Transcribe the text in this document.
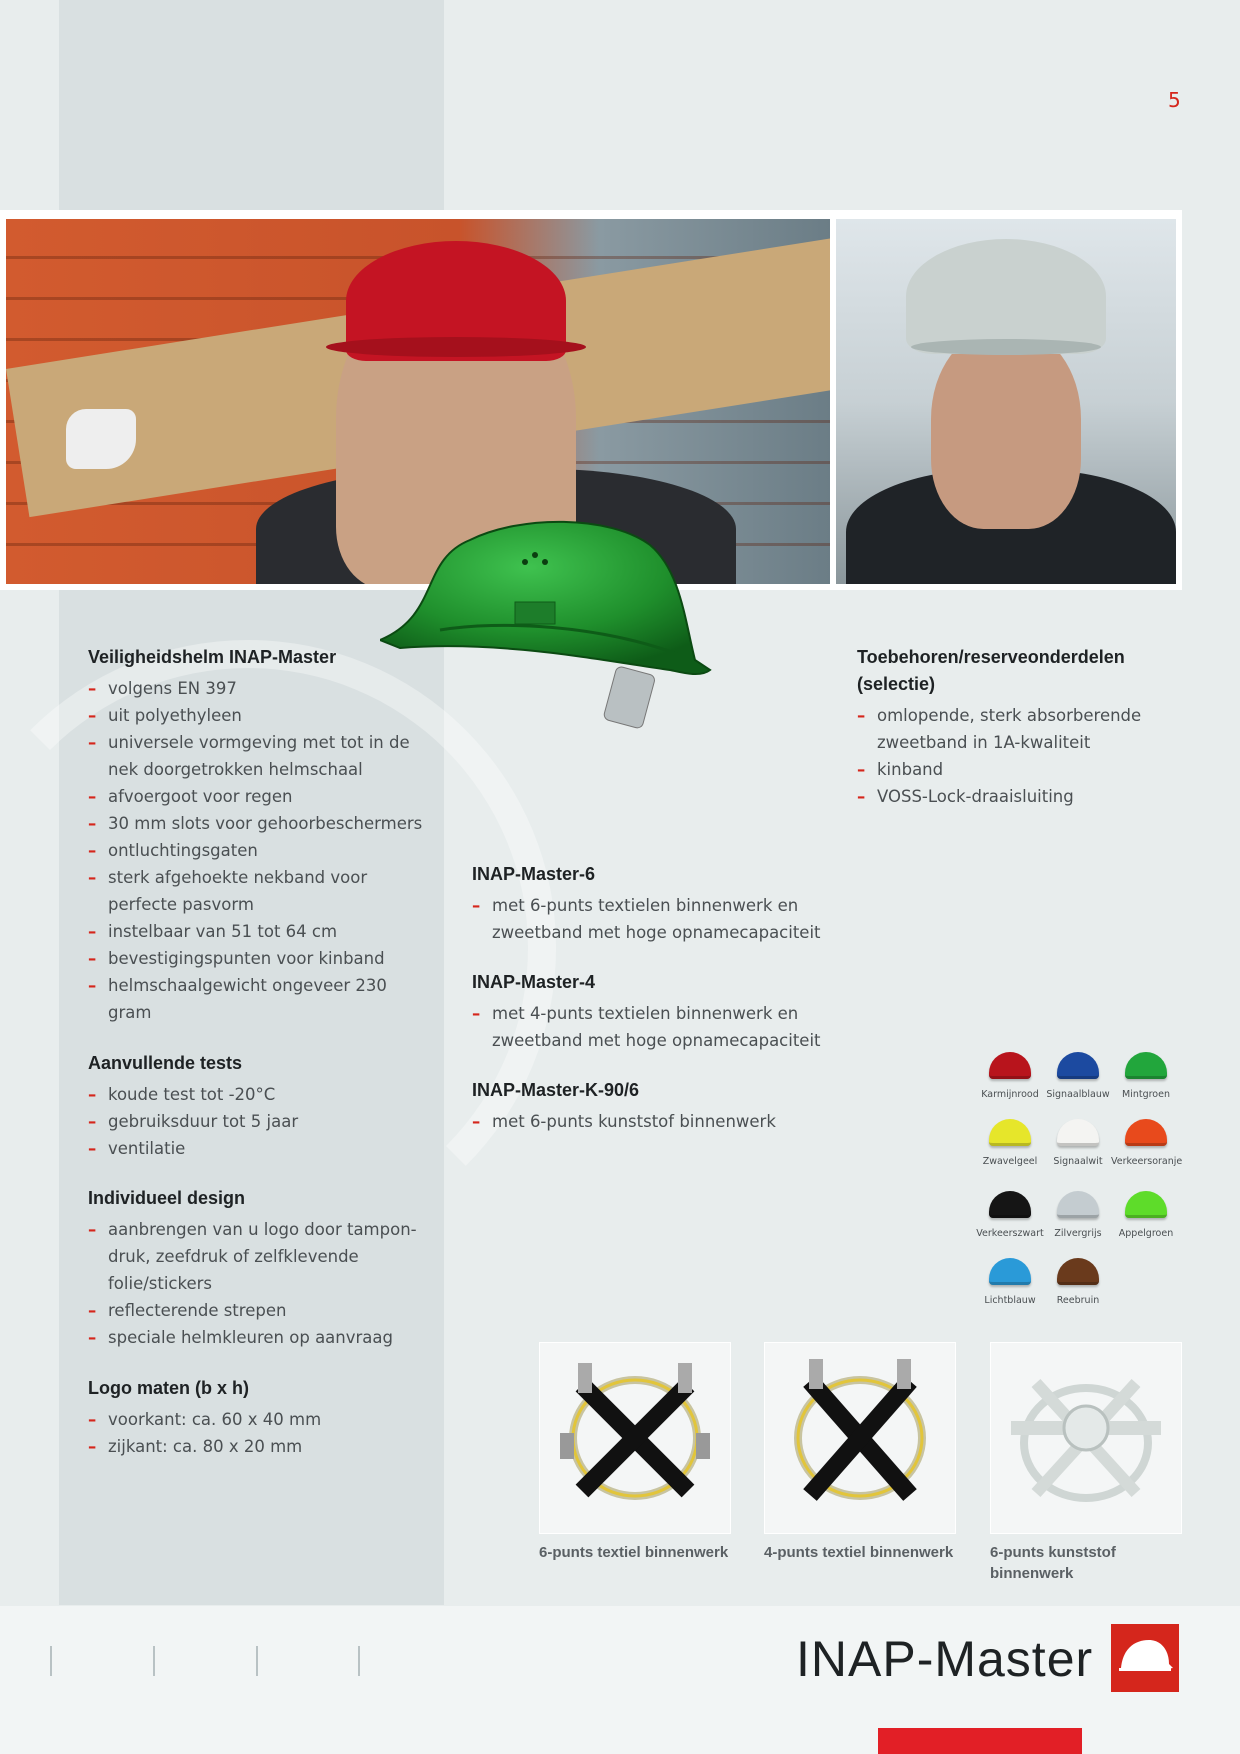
5
Veiligheidshelm INAP-Master
– volgens EN 397
– uit polyethyleen
– universele vormgeving met tot in de nek doorgetrokken helmschaal
– afvoergoot voor regen
– 30 mm slots voor gehoorbeschermers
– ontluchtingsgaten
– sterk afgehoekte nekband voor perfecte pasvorm
– instelbaar van 51 tot 64 cm
– bevestigingspunten voor kinband
– helmschaalgewicht ongeveer 230 gram
Aanvullende tests
– koude test tot -20°C
– gebruiksduur tot 5 jaar
– ventilatie
Individueel design
– aanbrengen van u logo door tampon-druk, zeefdruk of zelfklevende folie/stickers
– reflecterende strepen
– speciale helmkleuren op aanvraag
Logo maten (b x h)
– voorkant: ca. 60 x 40 mm
– zijkant: ca. 80 x 20 mm
INAP-Master-6
– met 6-punts textielen binnenwerk en zweetband met hoge opnamecapaciteit
INAP-Master-4
– met 4-punts textielen binnenwerk en zweetband met hoge opnamecapaciteit
INAP-Master-K-90/6
– met 6-punts kunststof binnenwerk
Toebehoren/reserveonderdelen (selectie)
– omlopende, sterk absorberende zweetband in 1A-kwaliteit
– kinband
– VOSS-Lock-draaisluiting
Karmijnrood Signaalblauw	Mintgroen
Zwavelgeel	Signaalwit Verkeersoranje
Verkeerszwart	Zilvergrijs	Appelgroen
Lichtblauw	Reebruin
6-punts textiel binnenwerk 4-punts textiel binnenwerk 6-punts kunststof binnenwerk
INAP-Master
